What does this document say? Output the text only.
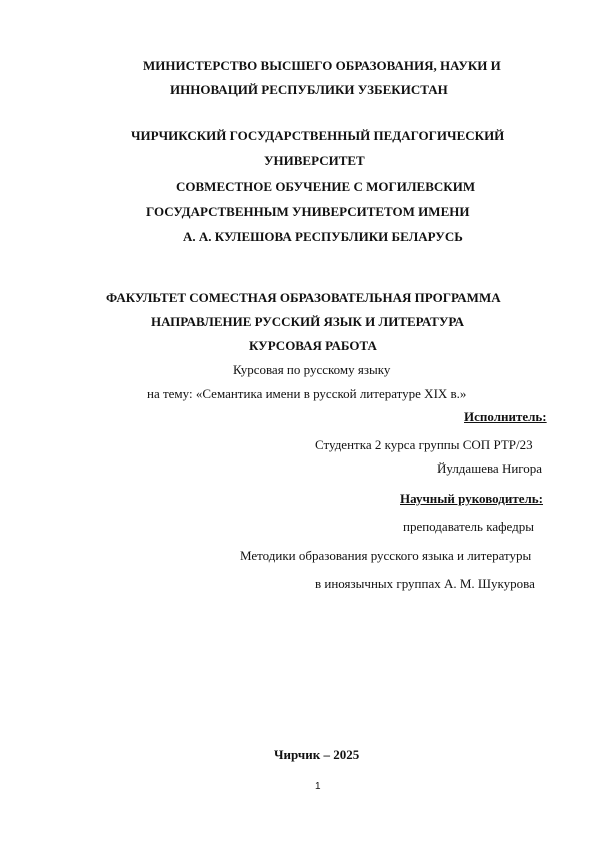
МИНИСТЕРСТВО ВЫСШЕГО ОБРАЗОВАНИЯ, НАУКИ И
ИННОВАЦИЙ РЕСПУБЛИКИ УЗБЕКИСТАН
ЧИРЧИКСКИЙ ГОСУДАРСТВЕННЫЙ ПЕДАГОГИЧЕСКИЙ
УНИВЕРСИТЕТ
СОВМЕСТНОЕ ОБУЧЕНИЕ С МОГИЛЕВСКИМ
ГОСУДАРСТВЕННЫМ УНИВЕРСИТЕТОМ ИМЕНИ
А. А. КУЛЕШОВА РЕСПУБЛИКИ БЕЛАРУСЬ
ФАКУЛЬТЕТ СОМЕСТНАЯ ОБРАЗОВАТЕЛЬНАЯ ПРОГРАММА
НАПРАВЛЕНИЕ РУССКИЙ ЯЗЫК И ЛИТЕРАТУРА
КУРСОВАЯ РАБОТА
Курсовая по русскому языку
на тему: «Семантика имени в русской литературе XIX в.»
Исполнитель:
Студентка 2 курса группы СОП РТР/23
Йулдашева Нигора
Научный руководитель:
преподаватель кафедры
Методики образования русского языка и литературы
в иноязычных группах А. М. Шукурова
Чирчик – 2025
1
